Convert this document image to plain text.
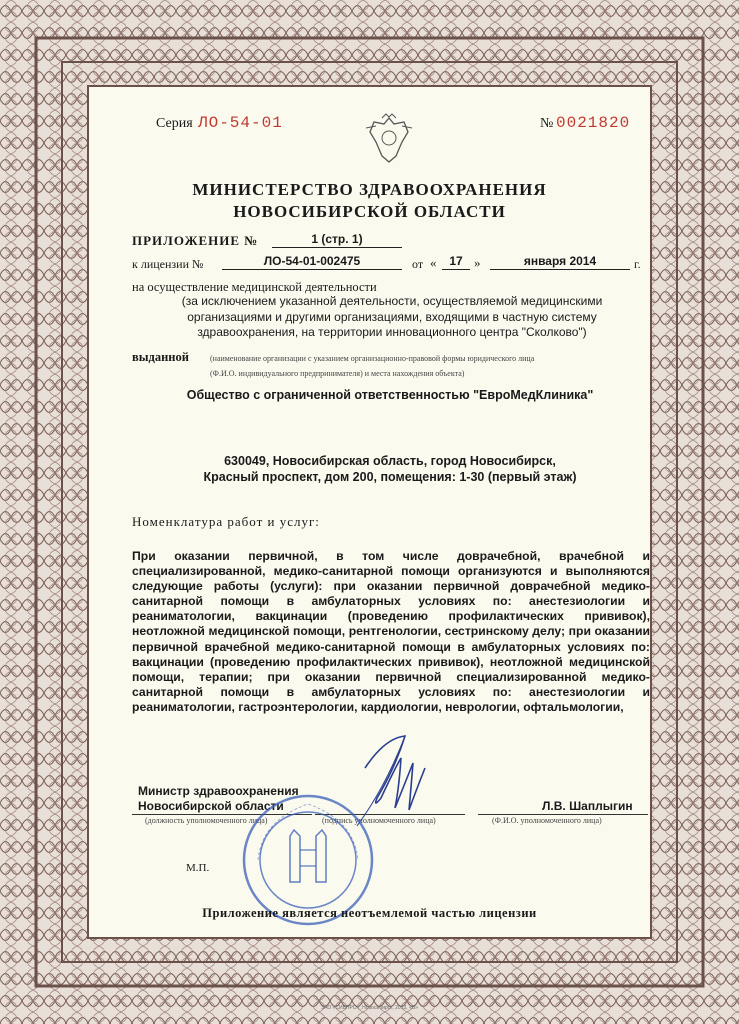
Серия ЛО-54-01	№ 0021820
МИНИСТЕРСТВО ЗДРАВООХРАНЕНИЯ
НОВОСИБИРСКОЙ ОБЛАСТИ
ПРИЛОЖЕНИЕ №	1 (стр. 1)
к лицензии №	ЛО-54-01-002475	от «	17 »	января 2014	г.
на осуществление медицинской деятельности
(за исключением указанной деятельности, осуществляемой медицинскими организациями и другими организациями, входящими в частную систему здравоохранения, на территории инновационного центра "Сколково")
выданной	(наименование организации с указанием организационно-правовой формы юридического лица
(Ф.И.О. индивидуального предпринимателя) и места нахождения объекта)
Общество с ограниченной ответственностью "ЕвроМедКлиника"
630049, Новосибирская область, город Новосибирск,
Красный проспект, дом 200, помещения: 1-30 (первый этаж)
Номенклатура работ и услуг:
При оказании первичной, в том числе доврачебной, врачебной и специализированной, медико-санитарной помощи организуются и выполняются следующие работы (услуги): при оказании первичной доврачебной медико-санитарной помощи в амбулаторных условиях по: анестезиологии и реаниматологии, вакцинации (проведению профилактических прививок), неотложной медицинской помощи, рентгенологии, сестринскому делу; при оказании первичной врачебной медико-санитарной помощи в амбулаторных условиях по: вакцинации (проведению профилактических прививок), неотложной медицинской помощи, терапии; при оказании первичной специализированной медико-санитарной помощи в амбулаторных условиях по: анестезиологии и реаниматологии, гастроэнтерологии, кардиологии, неврологии, офтальмологии,
Министр здравоохранения
Новосибирской области
(должность уполномоченного лица)	(подпись уполномоченного лица)
Л.В. Шаплыгин
(Ф.И.О. уполномоченного лица)
М.П.
Приложение является неотъемлемой частью лицензии
ЗАО «СИБПРО», Новосибирск, 2013, «Б»
